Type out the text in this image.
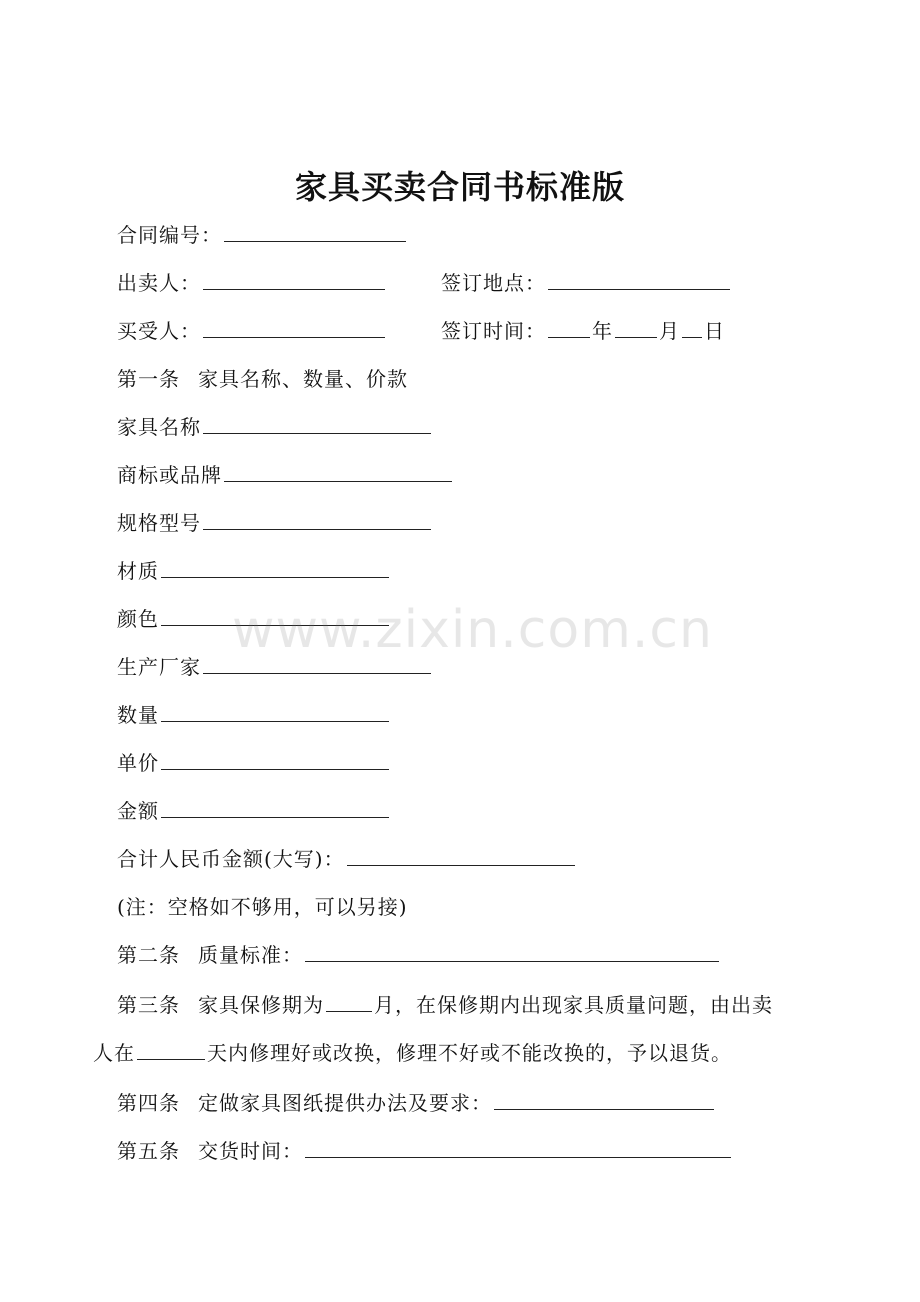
家具买卖合同书标准版
合同编号：
出卖人：	签订地点：
买受人：	签订时间： 年 月 日
第一条 家具名称、数量、价款
家具名称
商标或品牌
规格型号
材质
颜色
生产厂家
数量
单价
金额
合计人民币金额(大写)：
(注：空格如不够用，可以另接)
第二条 质量标准：
第三条 家具保修期为	月，在保修期内出现家具质量问题，由出卖
人在	天内修理好或改换，修理不好或不能改换的，予以退货。
第四条 定做家具图纸提供办法及要求：
第五条 交货时间：
www.zixin.com.cn
